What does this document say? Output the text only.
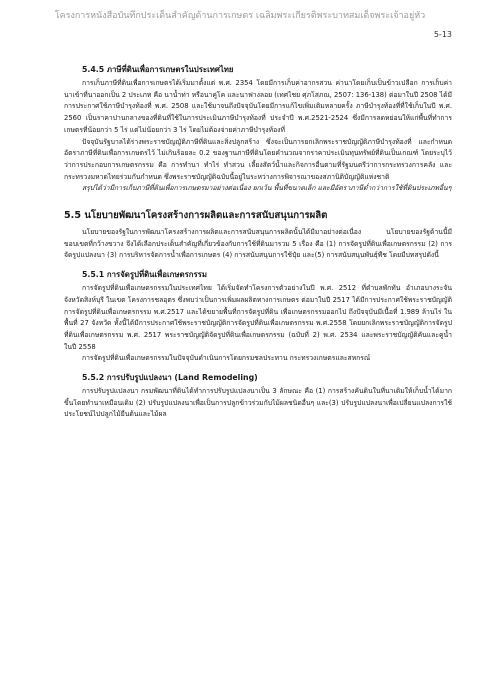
โครงการหนังสือบันทึกประเด็นสำคัญด้านการเกษตร เฉลิมพระเกียรติพระบาทสมเด็จพระเจ้าอยู่หัว
5-13
5.4.5 ภาษีที่ดินเพื่อการเกษตรในประเทศไทย

การเก็บภาษีที่ดินเพื่อการเกษตรได้เริ่มมาตั้งแต่ พ.ศ. 2354 โดยมีการเก็บค่าอากรสวน ค่านาโดยเก็บเป็นข้าวเปลือก การเก็บค่านาเข้าที่นาออกเป็น 2 ประเภท คือ นาน้ำท่า หรือนาคู่โค และนาฟางลอย (เทศไชย ศุภโสภณ, 2507: 136-138) ต่อมาในปี 2508 ได้มีการประกาศใช้ภาษีบำรุงท้องที่ พ.ศ. 2508 และใช้มาจนถึงปัจจุบันโดยมีการแก้ไขเพิ่มเติมหลายครั้ง ภาษีบำรุงท้องที่ที่ใช้เก็บในปี พ.ศ. 2560 เป็นราคาปานกลางของที่ดินที่ใช้ในการประเมินภาษีบำรุงท้องที่ ประจำปี พ.ศ.2521-2524 ซึ่งมีการลดหย่อนให้แก่พื้นที่ทำการเกษตรที่น้อยกว่า 5 ไร่ แต่ไม่น้อยกว่า 3 ไร่ โดยไม่ต้องจ่ายค่าภาษีบำรุงท้องที่

ปัจจุบันรัฐบาลได้ร่างพระราชบัญญัติภาษีที่ดินและสิ่งปลูกสร้าง ซึ่งจะเป็นการยกเลิกพระราชบัญญัติภาษีบำรุงท้องที่ และกำหนดอัตราภาษีที่ดินเพื่อการเกษตรไว้ ไม่เกินร้อยละ 0.2 ของฐานภาษีที่ดินโดยคำนวณจากราคาประเมินทุนทรัพย์ที่ดินเป็นเกณฑ์ โดยระบุไว้ว่าการประกอบการเกษตรกรรม คือ การทำนา ทำไร่ ทำสวน เลี้ยงสัตว์น้ำและกิจการอื่นตามที่รัฐมนตรีว่าการกระทรวงการคลัง และกระทรวงมหาดไทยร่วมกันกำหนด ซึ่งพระราชบัญญัติฉบับนี้อยู่ในระหว่างการพิจารณาของสภานิติบัญญัติแห่งชาติ

สรุปได้ว่ามีการเก็บภาษีที่ดินเพื่อการเกษตรมาอย่างต่อเนื่อง ยกเว้น พื้นที่ขนาดเล็ก และมีอัตราภาษีต่ำกว่าการใช้ที่ดินประเภทอื่นๆ

5.5 นโยบายพัฒนาโครงสร้างการผลิตและการสนับสนุนการผลิต

นโยบายของรัฐในการพัฒนาโครงสร้างการผลิตและการสนับสนุนการผลิตนั้นได้มีมาอย่างต่อเนื่อง นโยบายของรัฐด้านนี้มีขอบเขตที่กว้างขวาง จึงได้เลือกประเด็นสำคัญที่เกี่ยวข้องกับการใช้ที่ดินมารวม 5 เรื่อง คือ (1) การจัดรูปที่ดินเพื่อเกษตรกรรม (2) การจัดรูปแปลงนา (3) การบริหารจัดการน้ำเพื่อการเกษตร (4) การสนับสนุนการใช้ปุ๋ย และ(5) การสนับสนุนพันธุ์พืช โดยมีบทสรุปดังนี้

5.5.1 การจัดรูปที่ดินเพื่อเกษตรกรรม

การจัดรูปที่ดินเพื่อเกษตรกรรมในประเทศไทย ได้เริ่มจัดทำโครงการตัวอย่างในปี พ.ศ. 2512 ที่ตำบลพักทัน อำเภอบางระจัน จังหวัดสิงห์บุรี ในเขต โครงการชลอุตร ซึ่งพบว่าเป็นการเพิ่มผลผลิตทางการเกษตร ต่อมาในปี 2517 ได้มีการประกาศใช้พระราชบัญญัติการจัดรูปที่ดินเพื่อเกษตรกรรม พ.ศ.2517 และได้ขยายพื้นที่การจัดรูปที่ดิน เพื่อเกษตรกรรมออกไป ถึงปัจจุบันมีเนื้อที่ 1.989 ล้านไร่ ในพื้นที่ 27 จังหวัด ทั้งนี้ได้มีการประกาศใช้พระราชบัญญัติการจัดรูปที่ดินเพื่อเกษตรกรรม พ.ศ.2558 โดยยกเลิกพระราชบัญญัติการจัดรูปที่ดินเพื่อเกษตรกรรม พ.ศ. 2517 พระราชบัญญัติจัดรูปที่ดินเพื่อเกษตรกรรม (ฉบับที่ 2) พ.ศ. 2534 และพระราชบัญญัติคันและคูน้ำ ในปี 2558

การจัดรูปที่ดินเพื่อเกษตรกรรมในปัจจุบันดำเนินการโดยกรมชลประทาน กระทรวงเกษตรและสหกรณ์

5.5.2 การปรับรูปแปลงนา (Land Remodeling)

การปรับรูปแปลงนา กรมพัฒนาที่ดินได้ทำการปรับรูปแปลงนาเป็น 3 ลักษณะ คือ (1) การสร้างคันดินในที่นาเดิมให้เก็บน้ำได้มากขึ้นโดยทำนาเหมือนเดิม (2) ปรับรูปแปลงนาเพื่อเป็นการปลูกข้าวร่วมกับไม้ผลชนิดอื่นๆ และ(3) ปรับรูปแปลงนาเพื่อเปลี่ยนแปลงการใช้ประโยชน์ไปปลูกไม้ยืนต้นและไม้ผล
